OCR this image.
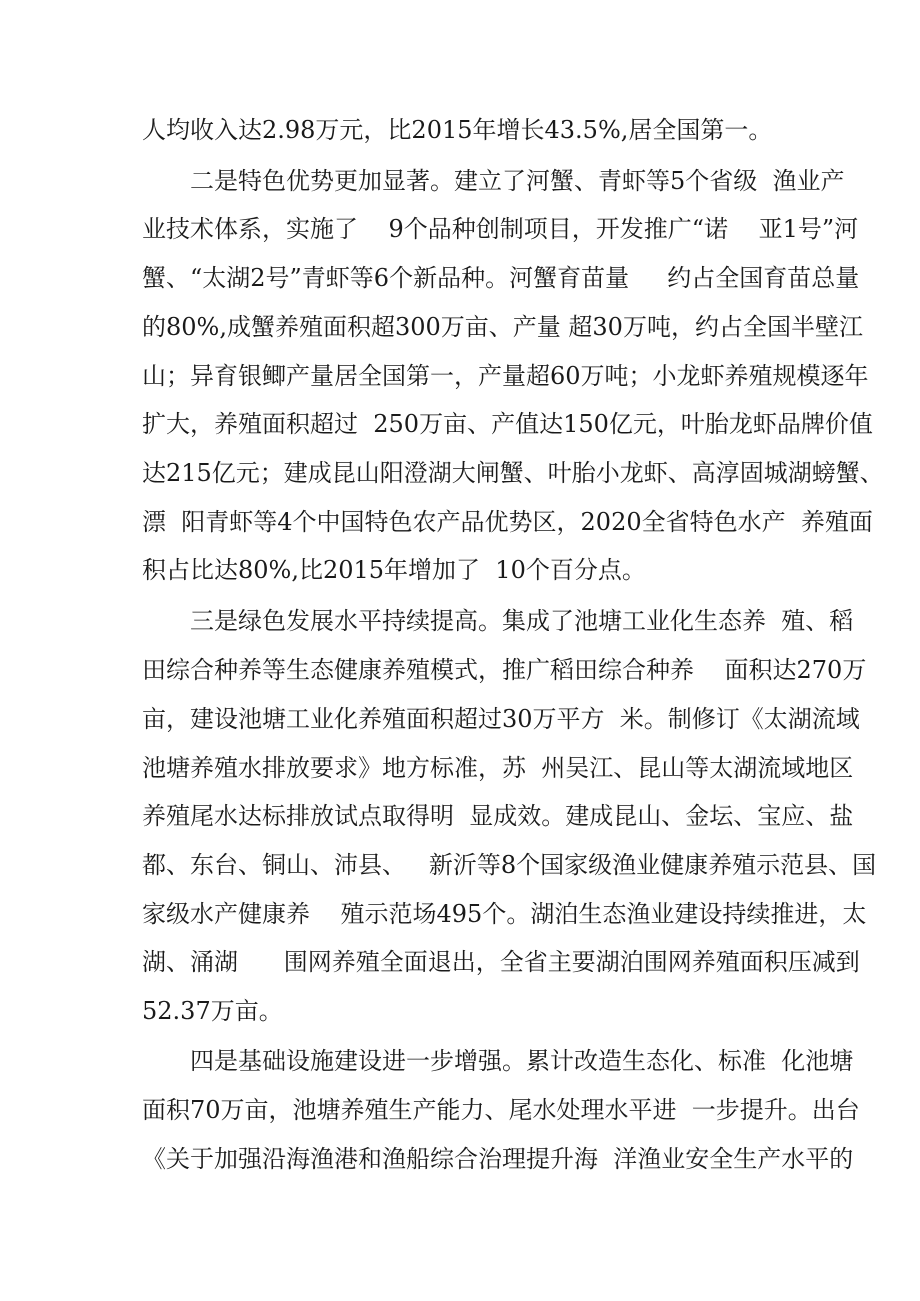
人均收入达2.98万元，比2015年增长43.5%,居全国第一。
二是特色优势更加显著。建立了河蟹、青虾等5个省级  渔业产
业技术体系，实施了    9个品种创制项目，开发推广“诺    亚1号”河
蟹、“太湖2号”青虾等6个新品种。河蟹育苗量     约占全国育苗总量
的80%,成蟹养殖面积超300万亩、产量 超30万吨，约占全国半壁江
山；异育银鲫产量居全国第一，产量超60万吨；小龙虾养殖规模逐年
扩大，养殖面积超过  250万亩、产值达150亿元，叶胎龙虾品牌价值
达215亿元；建成昆山阳澄湖大闸蟹、叶胎小龙虾、高淳固城湖螃蟹、
漂  阳青虾等4个中国特色农产品优势区，2020全省特色水产  养殖面
积占比达80%,比2015年增加了  10个百分点。
三是绿色发展水平持续提高。集成了池塘工业化生态养  殖、稻
田综合种养等生态健康养殖模式，推广稻田综合种养    面积达270万
亩，建设池塘工业化养殖面积超过30万平方  米。制修订《太湖流域
池塘养殖水排放要求》地方标准，苏  州吴江、昆山等太湖流域地区
养殖尾水达标排放试点取得明  显成效。建成昆山、金坛、宝应、盐
都、东台、铜山、沛县、   新沂等8个国家级渔业健康养殖示范县、国
家级水产健康养    殖示范场495个。湖泊生态渔业建设持续推进，太
湖、涌湖      围网养殖全面退出，全省主要湖泊围网养殖面积压减到
52.37万亩。
四是基础设施建设进一步增强。累计改造生态化、标准  化池塘
面积70万亩，池塘养殖生产能力、尾水处理水平进  一步提升。出台
《关于加强沿海渔港和渔船综合治理提升海  洋渔业安全生产水平的
